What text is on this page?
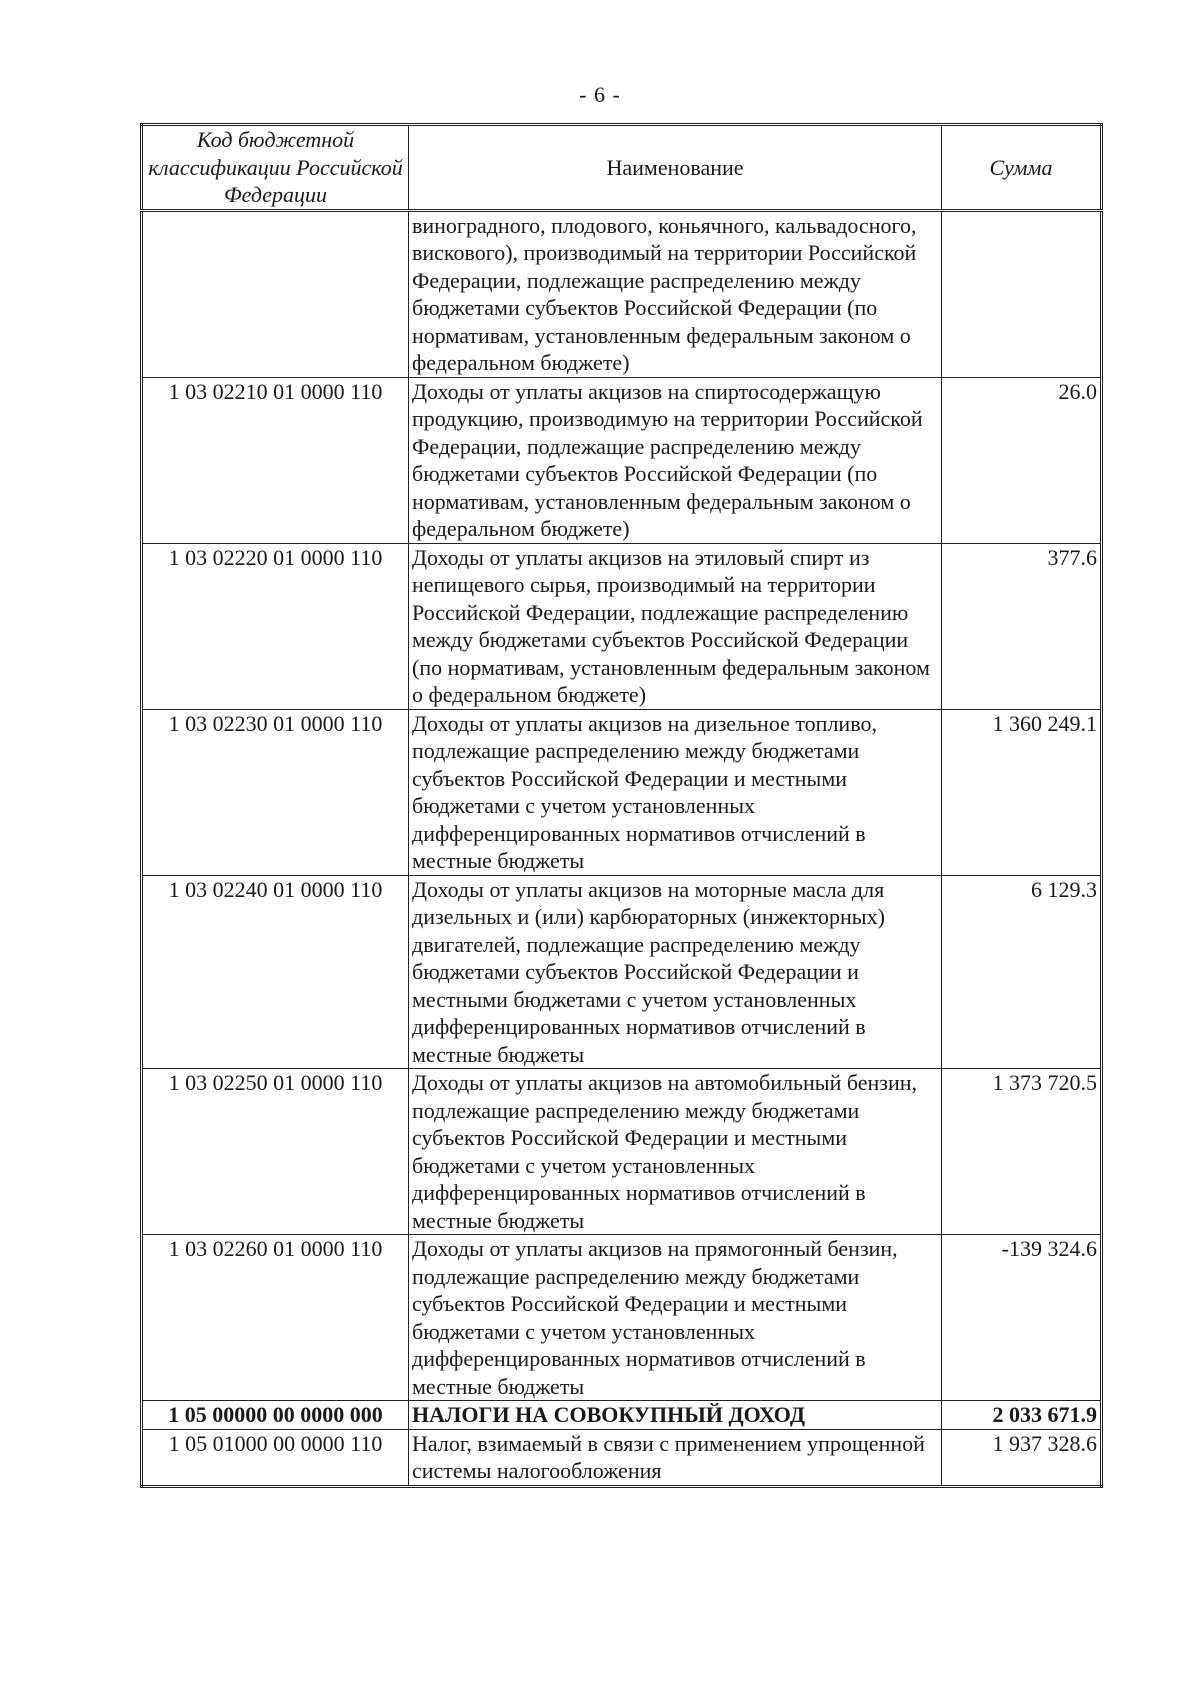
- 6 -
Код бюджетной классификации Российской Федерации	Наименование	Сумма
	виноградного, плодового, коньячного, кальвадосного, вискового), производимый на территории Российской Федерации, подлежащие распределению между бюджетами субъектов Российской Федерации (по нормативам, установленным федеральным законом о федеральном бюджете)	
1 03 02210 01 0000 110	Доходы от уплаты акцизов на спиртосодержащую продукцию, производимую на территории Российской Федерации, подлежащие распределению между бюджетами субъектов Российской Федерации (по нормативам, установленным федеральным законом о федеральном бюджете)	26.0
1 03 02220 01 0000 110	Доходы от уплаты акцизов на этиловый спирт из непищевого сырья, производимый на территории Российской Федерации, подлежащие распределению между бюджетами субъектов Российской Федерации (по нормативам, установленным федеральным законом о федеральном бюджете)	377.6
1 03 02230 01 0000 110	Доходы от уплаты акцизов на дизельное топливо, подлежащие распределению между бюджетами субъектов Российской Федерации и местными бюджетами с учетом установленных дифференцированных нормативов отчислений в местные бюджеты	1 360 249.1
1 03 02240 01 0000 110	Доходы от уплаты акцизов на моторные масла для дизельных и (или) карбюраторных (инжекторных) двигателей, подлежащие распределению между бюджетами субъектов Российской Федерации и местными бюджетами с учетом установленных дифференцированных нормативов отчислений в местные бюджеты	6 129.3
1 03 02250 01 0000 110	Доходы от уплаты акцизов на автомобильный бензин, подлежащие распределению между бюджетами субъектов Российской Федерации и местными бюджетами с учетом установленных дифференцированных нормативов отчислений в местные бюджеты	1 373 720.5
1 03 02260 01 0000 110	Доходы от уплаты акцизов на прямогонный бензин, подлежащие распределению между бюджетами субъектов Российской Федерации и местными бюджетами с учетом установленных дифференцированных нормативов отчислений в местные бюджеты	-139 324.6
1 05 00000 00 0000 000	НАЛОГИ НА СОВОКУПНЫЙ ДОХОД	2 033 671.9
1 05 01000 00 0000 110	Налог, взимаемый в связи с применением упрощенной системы налогообложения	1 937 328.6
